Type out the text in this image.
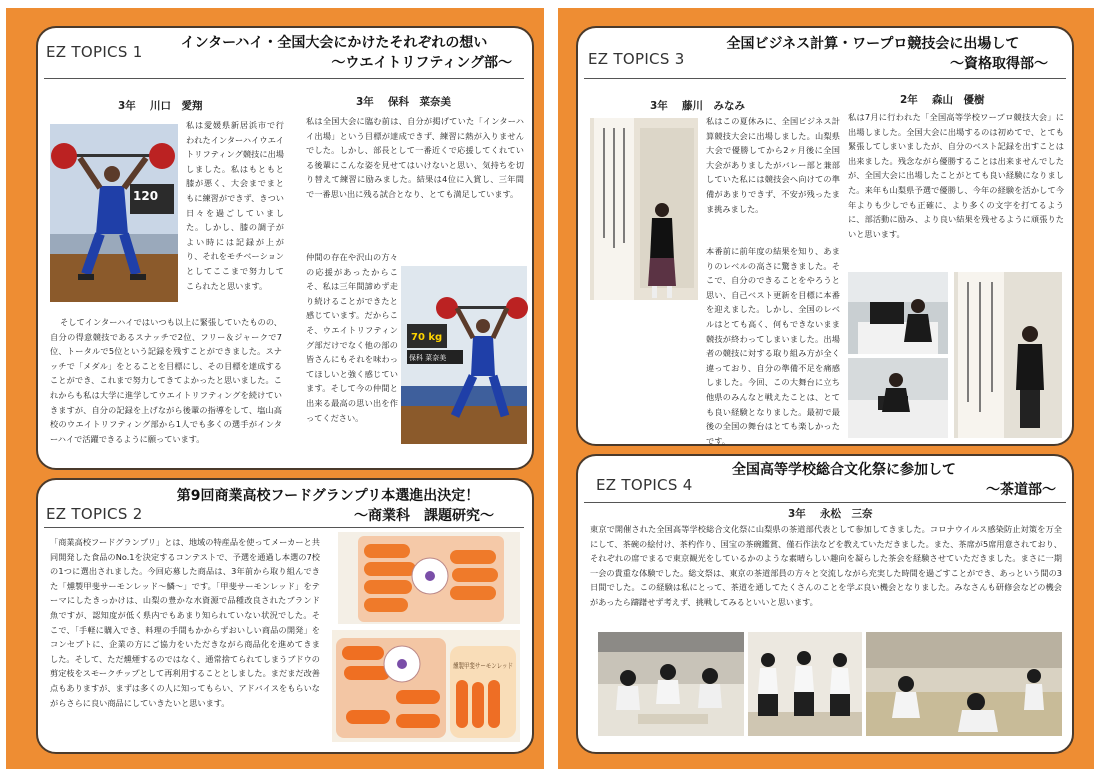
EZ TOPICS 1	インターハイ・全国大会にかけたそれぞれの想い
～ウエイトリフティング部～
3年　 川口　愛翔	3年　 保科　菜奈美
120
私は愛媛県新居浜市で行われたインターハイウエイトリフティング競技に出場しました。私はもともと膝が悪く、大会までまともに練習ができず、きつい日々を過ごしていました。しかし、膝の調子がよい時には記録が上がり、それをモチベーションとしてここまで努力してこられたと思います。
そしてインターハイではいつも以上に緊張していたものの、自分の得意競技であるスナッチで2位、フリー＆ジャークで7位、トータルで5位という記録を残すことができました。スナッチで「メダル」をとることを目標にし、その目標を達成することができ、これまで努力してきてよかったと思いました。これからも私は大学に進学してウエイトリフティングを続けていきますが、自分の記録を上げながら後輩の指導をして、塩山高校のウエイトリフティング部から1人でも多くの選手がインターハイで活躍できるように願っています。
私は全国大会に臨む前は、自分が掲げていた「インターハイ出場」という目標が達成できず、練習に熱が入りませんでした。しかし、部長として一番近くで応援してくれている後輩にこんな姿を見せてはいけないと思い、気持ちを切り替えて練習に励みました。結果は4位に入賞し、三年間で一番思い出に残る試合となり、とても満足しています。
仲間の存在や沢山の方々の応援があったからこそ、私は三年間諦めず走り続けることができたと感じています。だからこそ、ウエイトリフティング部だけでなく他の部の皆さんにもそれを味わってほしいと強く感じています。そして今の仲間と出来る最高の思い出を作ってください。
70 kg
保科 菜奈美
EZ TOPICS 2
第9回商業高校フードグランプリ本選進出決定！
～商業科　課題研究～
「商業高校フードグランプリ」とは、地域の特産品を使ってメーカーと共同開発した食品のNo.1を決定するコンテストで、予選を通過し本選の7校の1つに選出されました。今回応募した商品は、3年前から取り組んできた「燻製甲斐サーモンレッド～鱗～」です。「甲斐サーモンレッド」をテーマにしたきっかけは、山梨の豊かな水資源で品種改良されたブランド魚ですが、認知度が低く県内でもあまり知られていない状況でした。そこで、「手軽に購入でき、料理の手間もかからずおいしい商品の開発」をコンセプトに、企業の方にご協力をいただきながら商品化を進めてきました。そして、ただ燻煙するのではなく、通常捨てられてしまうブドウの剪定枝をスモークチップとして再利用することとしました。まだまだ改善点もありますが、まずは多くの人に知ってもらい、アドバイスをもらいながらさらに良い商品にしていきたいと思います。
燻製甲斐サーモンレッド
EZ TOPICS 3
全国ビジネス計算・ワープロ競技会に出場して
～資格取得部～
3年　 藤川　みなみ	2年　 森山　優樹
私はこの夏休みに、全国ビジネス計算競技大会に出場しました。山梨県大会で優勝してから2ヶ月後に全国大会がありましたがバレー部と兼部していた私には競技会へ向けての準備があまりできず、不安が残ったまま挑みました。
本番前に前年度の結果を知り、あまりのレベルの高さに驚きました。そこで、自分のできることをやろうと思い、自己ベスト更新を目標に本番を迎えました。しかし、全国のレベルはとても高く、何もできないまま競技が終わってしまいました。出場者の競技に対する取り組み方が全く違っており、自分の準備不足を痛感しました。今回、この大舞台に立ち他県のみんなと戦えたことは、とても良い経験となりました。最初で最後の全国の舞台はとても楽しかったです。
私は7月に行われた「全国高等学校ワープロ競技大会」に出場しました。全国大会に出場するのは初めてで、とても緊張してしまいましたが、自分のベスト記録を出すことは出来ました。残念ながら優勝することは出来ませんでしたが、全国大会に出場したことがとても良い経験になりました。来年も山梨県予選で優勝し、今年の経験を活かして今年よりも少しでも正確に、より多くの文字を打てるように、部活動に励み、より良い結果を残せるように頑張りたいと思います。
EZ TOPICS 4
全国高等学校総合文化祭に参加して
～茶道部～
3年　 永松　三奈
東京で開催された全国高等学校総合文化祭に山梨県の茶道部代表として参加してきました。コロナウイルス感染防止対策を万全にして、茶碗の絵付け、茶杓作り、国宝の茶碗鑑賞、僅石作法などを教えていただきました。また、茶席が5席用意されており、それぞれの席でまるで東京観光をしているかのような素晴らしい趣向を凝らした茶会を経験させていただきました。まさに一期一会の貴重な体験でした。総文祭は、東京の茶道部員の方々と交流しながら充実した時間を過ごすことができ、あっという間の3日間でした。この経験は私にとって、茶道を通してたくさんのことを学ぶ良い機会となりました。みなさんも研修会などの機会があったら躊躇せず考えず、挑戦してみるといいと思います。
